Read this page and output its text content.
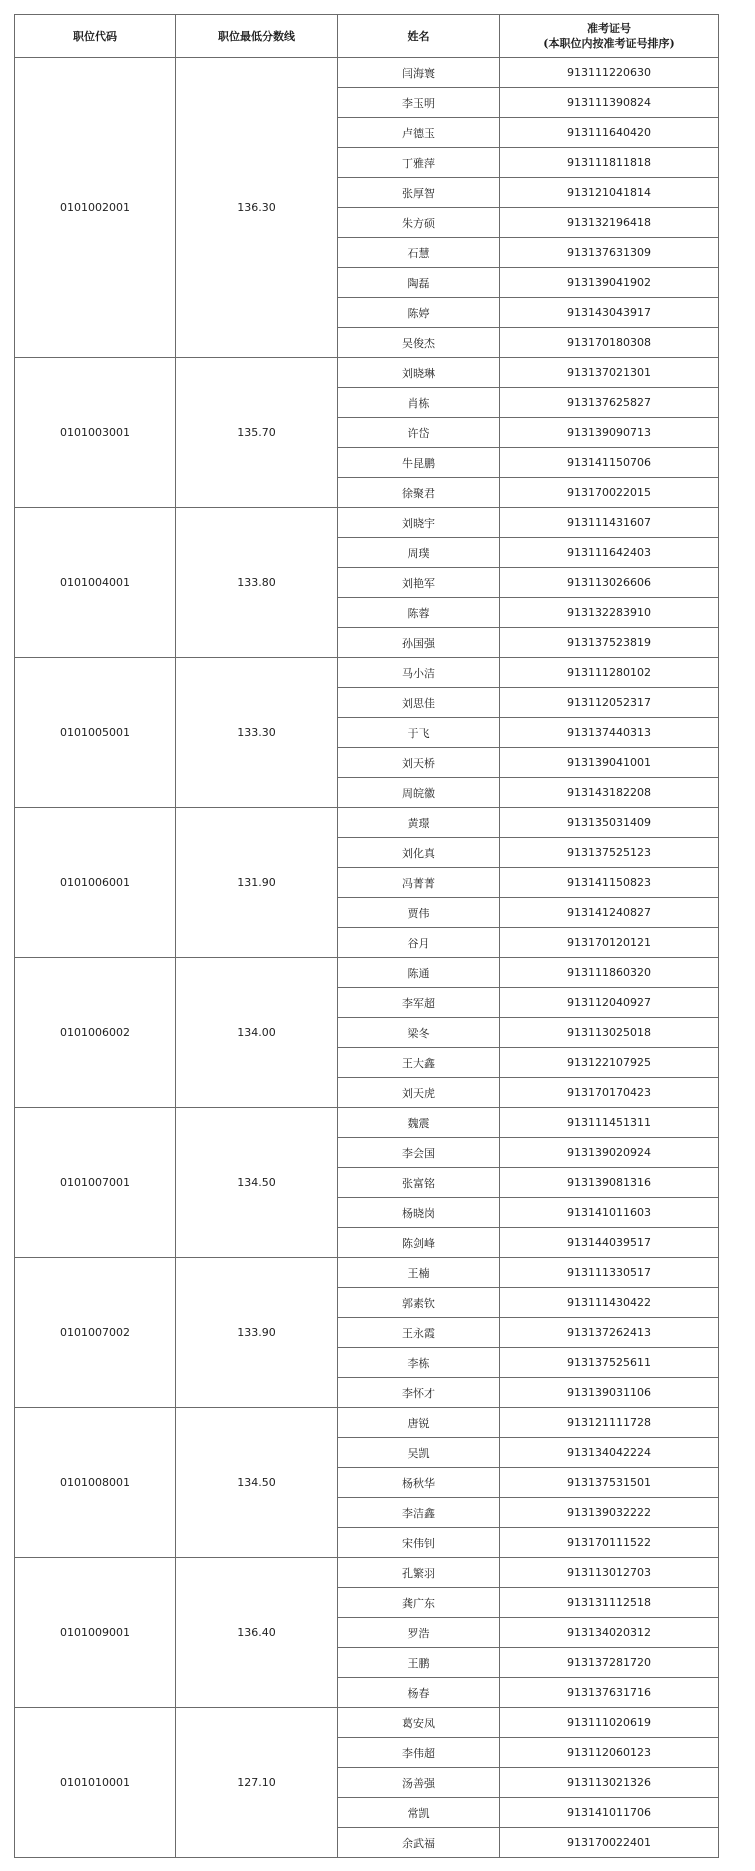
职位代码	职位最低分数线	姓名	准考证号
(本职位内按准考证号排序)

0101002001	136.30	闫海寰	913111220630
		李玉明	913111390824
		卢德玉	913111640420
		丁雅萍	913111811818
		张厚智	913121041814
		朱方硕	913132196418
		石慧	913137631309
		陶磊	913139041902
		陈婷	913143043917
		吴俊杰	913170180308
0101003001	135.70	刘晓琳	913137021301
		肖栋	913137625827
		许岱	913139090713
		牛昆鹏	913141150706
		徐聚君	913170022015
0101004001	133.80	刘晓宇	913111431607
		周璞	913111642403
		刘艳军	913113026606
		陈蓉	913132283910
		孙国强	913137523819
0101005001	133.30	马小洁	913111280102
		刘思佳	913112052317
		于飞	913137440313
		刘天桥	913139041001
		周皖徽	913143182208
0101006001	131.90	黄璟	913135031409
		刘化真	913137525123
		冯菁菁	913141150823
		贾伟	913141240827
		谷月	913170120121
0101006002	134.00	陈通	913111860320
		李军超	913112040927
		梁冬	913113025018
		王大鑫	913122107925
		刘天虎	913170170423
0101007001	134.50	魏震	913111451311
		李会国	913139020924
		张富铭	913139081316
		杨晓岗	913141011603
		陈剑峰	913144039517
0101007002	133.90	王楠	913111330517
		郭素钦	913111430422
		王永霞	913137262413
		李栋	913137525611
		李怀才	913139031106
0101008001	134.50	唐锐	913121111728
		吴凯	913134042224
		杨秋华	913137531501
		李洁鑫	913139032222
		宋伟钊	913170111522
0101009001	136.40	孔繁羽	913113012703
		龚广东	913131112518
		罗浩	913134020312
		王鹏	913137281720
		杨春	913137631716
0101010001	127.10	葛安凤	913111020619
		李伟超	913112060123
		汤善强	913113021326
		常凯	913141011706
		余武福	913170022401
